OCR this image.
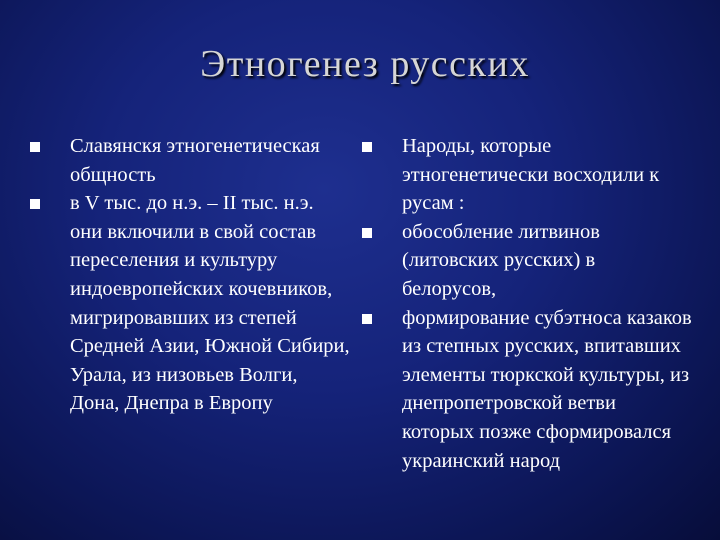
Этногенез русских
Славянскя этногенетическая общность
в V тыс. до н.э. – II тыс. н.э. они включили в свой состав переселения и культуру индоевропейских кочевников, мигрировавших из степей Средней Азии, Южной Сибири, Урала, из низовьев Волги, Дона, Днепра в Европу
Народы, которые этногенетически восходили к русам :
обособление литвинов (литовских русских) в белорусов,
формирование субэтноса казаков из степных русских, впитавших элементы тюркской культуры, из днепропетровской ветви которых позже сформировался украинский народ
